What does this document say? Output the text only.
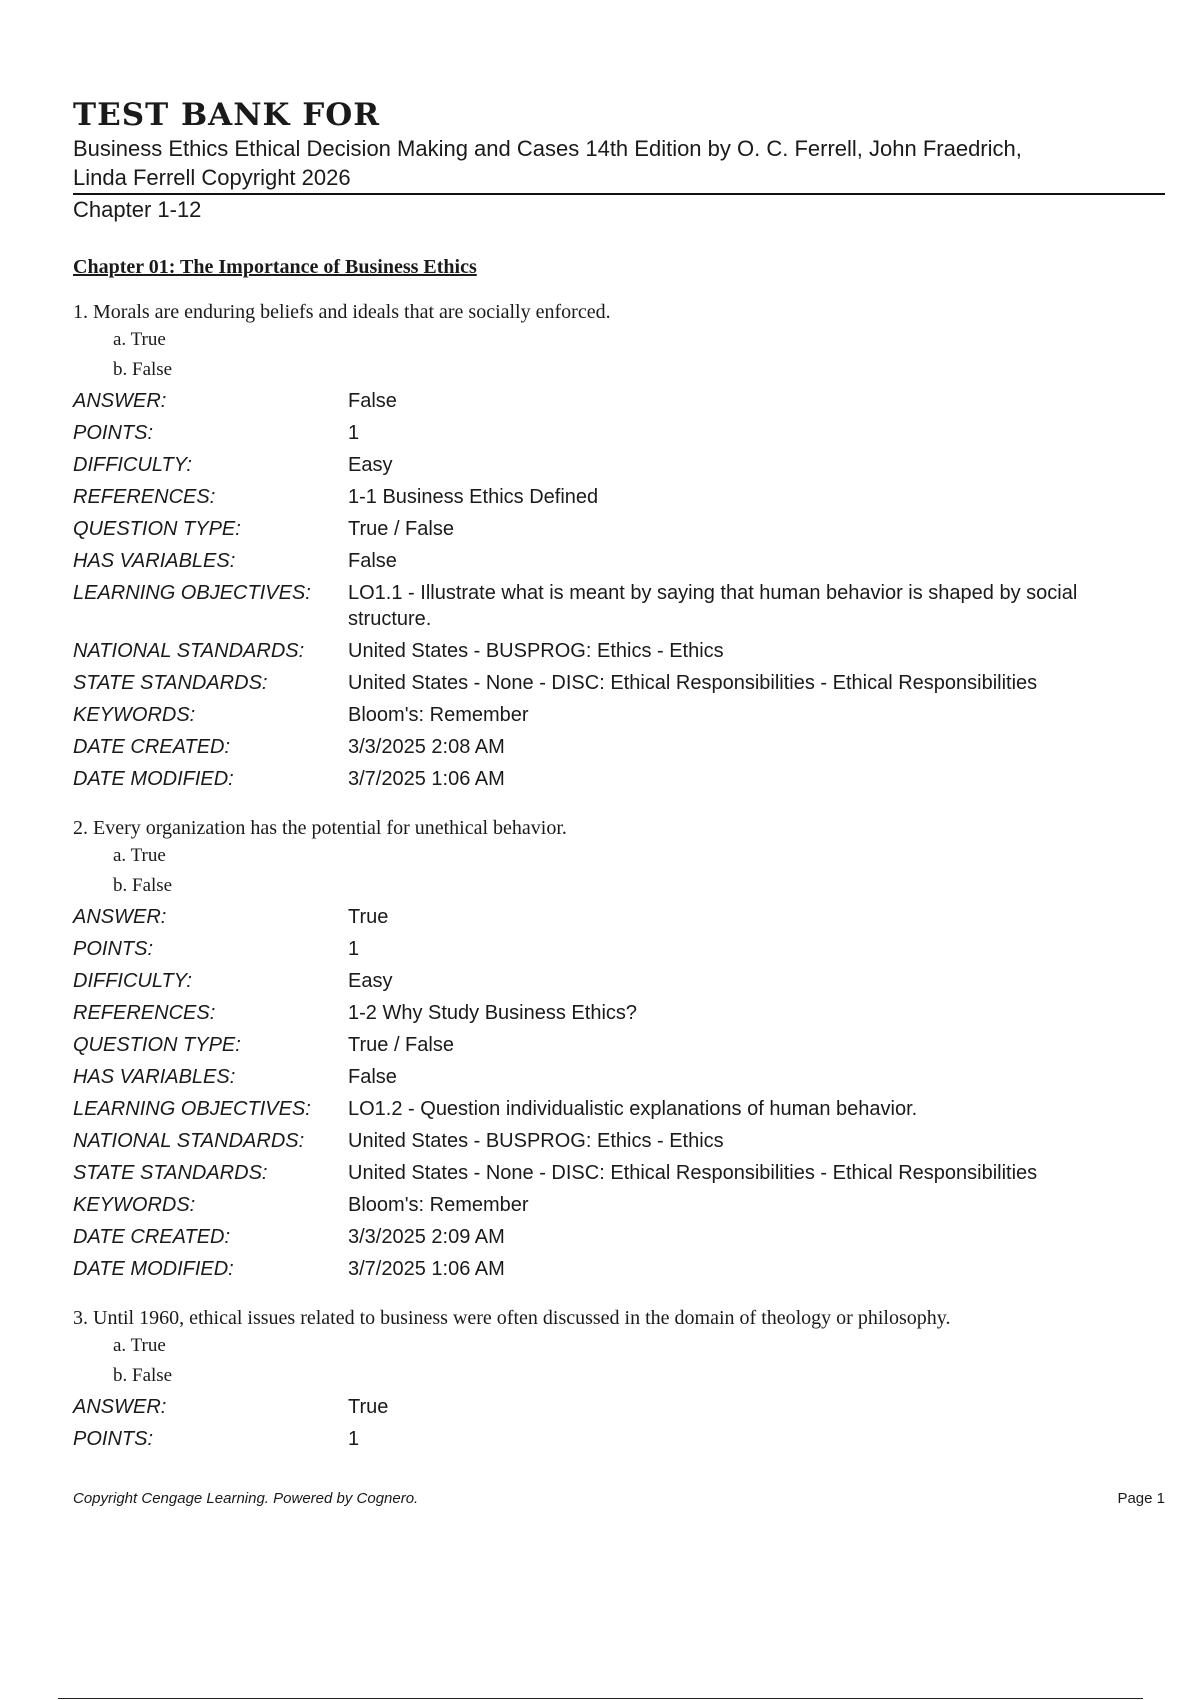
TEST BANK FOR
Business Ethics Ethical Decision Making and Cases 14th Edition by O. C. Ferrell, John Fraedrich,
Linda Ferrell Copyright 2026
Chapter 1-12
Chapter 01: The Importance of Business Ethics
1. Morals are enduring beliefs and ideals that are socially enforced.
a. True
b. False
ANSWER:	False
POINTS:	1
DIFFICULTY:	Easy
REFERENCES:	1-1 Business Ethics Defined
QUESTION TYPE:	True / False
HAS VARIABLES:	False
LEARNING OBJECTIVES:	LO1.1 - Illustrate what is meant by saying that human behavior is shaped by social structure.
NATIONAL STANDARDS:	United States - BUSPROG: Ethics - Ethics
STATE STANDARDS:	United States - None - DISC: Ethical Responsibilities - Ethical Responsibilities
KEYWORDS:	Bloom's: Remember
DATE CREATED:	3/3/2025 2:08 AM
DATE MODIFIED:	3/7/2025 1:06 AM
2. Every organization has the potential for unethical behavior.
a. True
b. False
ANSWER:	True
POINTS:	1
DIFFICULTY:	Easy
REFERENCES:	1-2 Why Study Business Ethics?
QUESTION TYPE:	True / False
HAS VARIABLES:	False
LEARNING OBJECTIVES:	LO1.2 - Question individualistic explanations of human behavior.
NATIONAL STANDARDS:	United States - BUSPROG: Ethics - Ethics
STATE STANDARDS:	United States - None - DISC: Ethical Responsibilities - Ethical Responsibilities
KEYWORDS:	Bloom's: Remember
DATE CREATED:	3/3/2025 2:09 AM
DATE MODIFIED:	3/7/2025 1:06 AM
3. Until 1960, ethical issues related to business were often discussed in the domain of theology or philosophy.
a. True
b. False
ANSWER:	True
POINTS:	1
Copyright Cengage Learning. Powered by Cognero.	Page 1
